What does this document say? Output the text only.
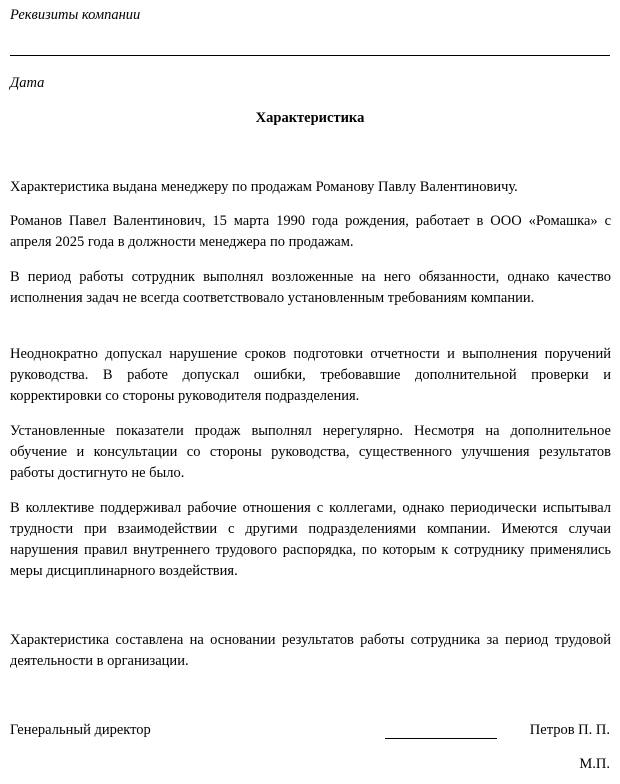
Реквизиты компании
Дата
Характеристика

Характеристика выдана менеджеру по продажам Романову Павлу Валентиновичу.

Романов Павел Валентинович, 15 марта 1990 года рождения, работает в ООО «Ромашка» с апреля 2025 года в должности менеджера по продажам.

В период работы сотрудник выполнял возложенные на него обязанности, однако качество исполнения задач не всегда соответствовало установленным требованиям компании.

Неоднократно допускал нарушение сроков подготовки отчетности и выполнения поручений руководства. В работе допускал ошибки, требовавшие дополнительной проверки и корректировки со стороны руководителя подразделения.

Установленные показатели продаж выполнял нерегулярно. Несмотря на дополнительное обучение и консультации со стороны руководства, существенного улучшения результатов работы достигнуто не было.

В коллективе поддерживал рабочие отношения с коллегами, однако периодически испытывал трудности при взаимодействии с другими подразделениями компании. Имеются случаи нарушения правил внутреннего трудового распорядка, по которым к сотруднику применялись меры дисциплинарного воздействия.

Характеристика составлена на основании результатов работы сотрудника за период трудовой деятельности в организации.

Генеральный директор	Петров П. П.
М.П.
